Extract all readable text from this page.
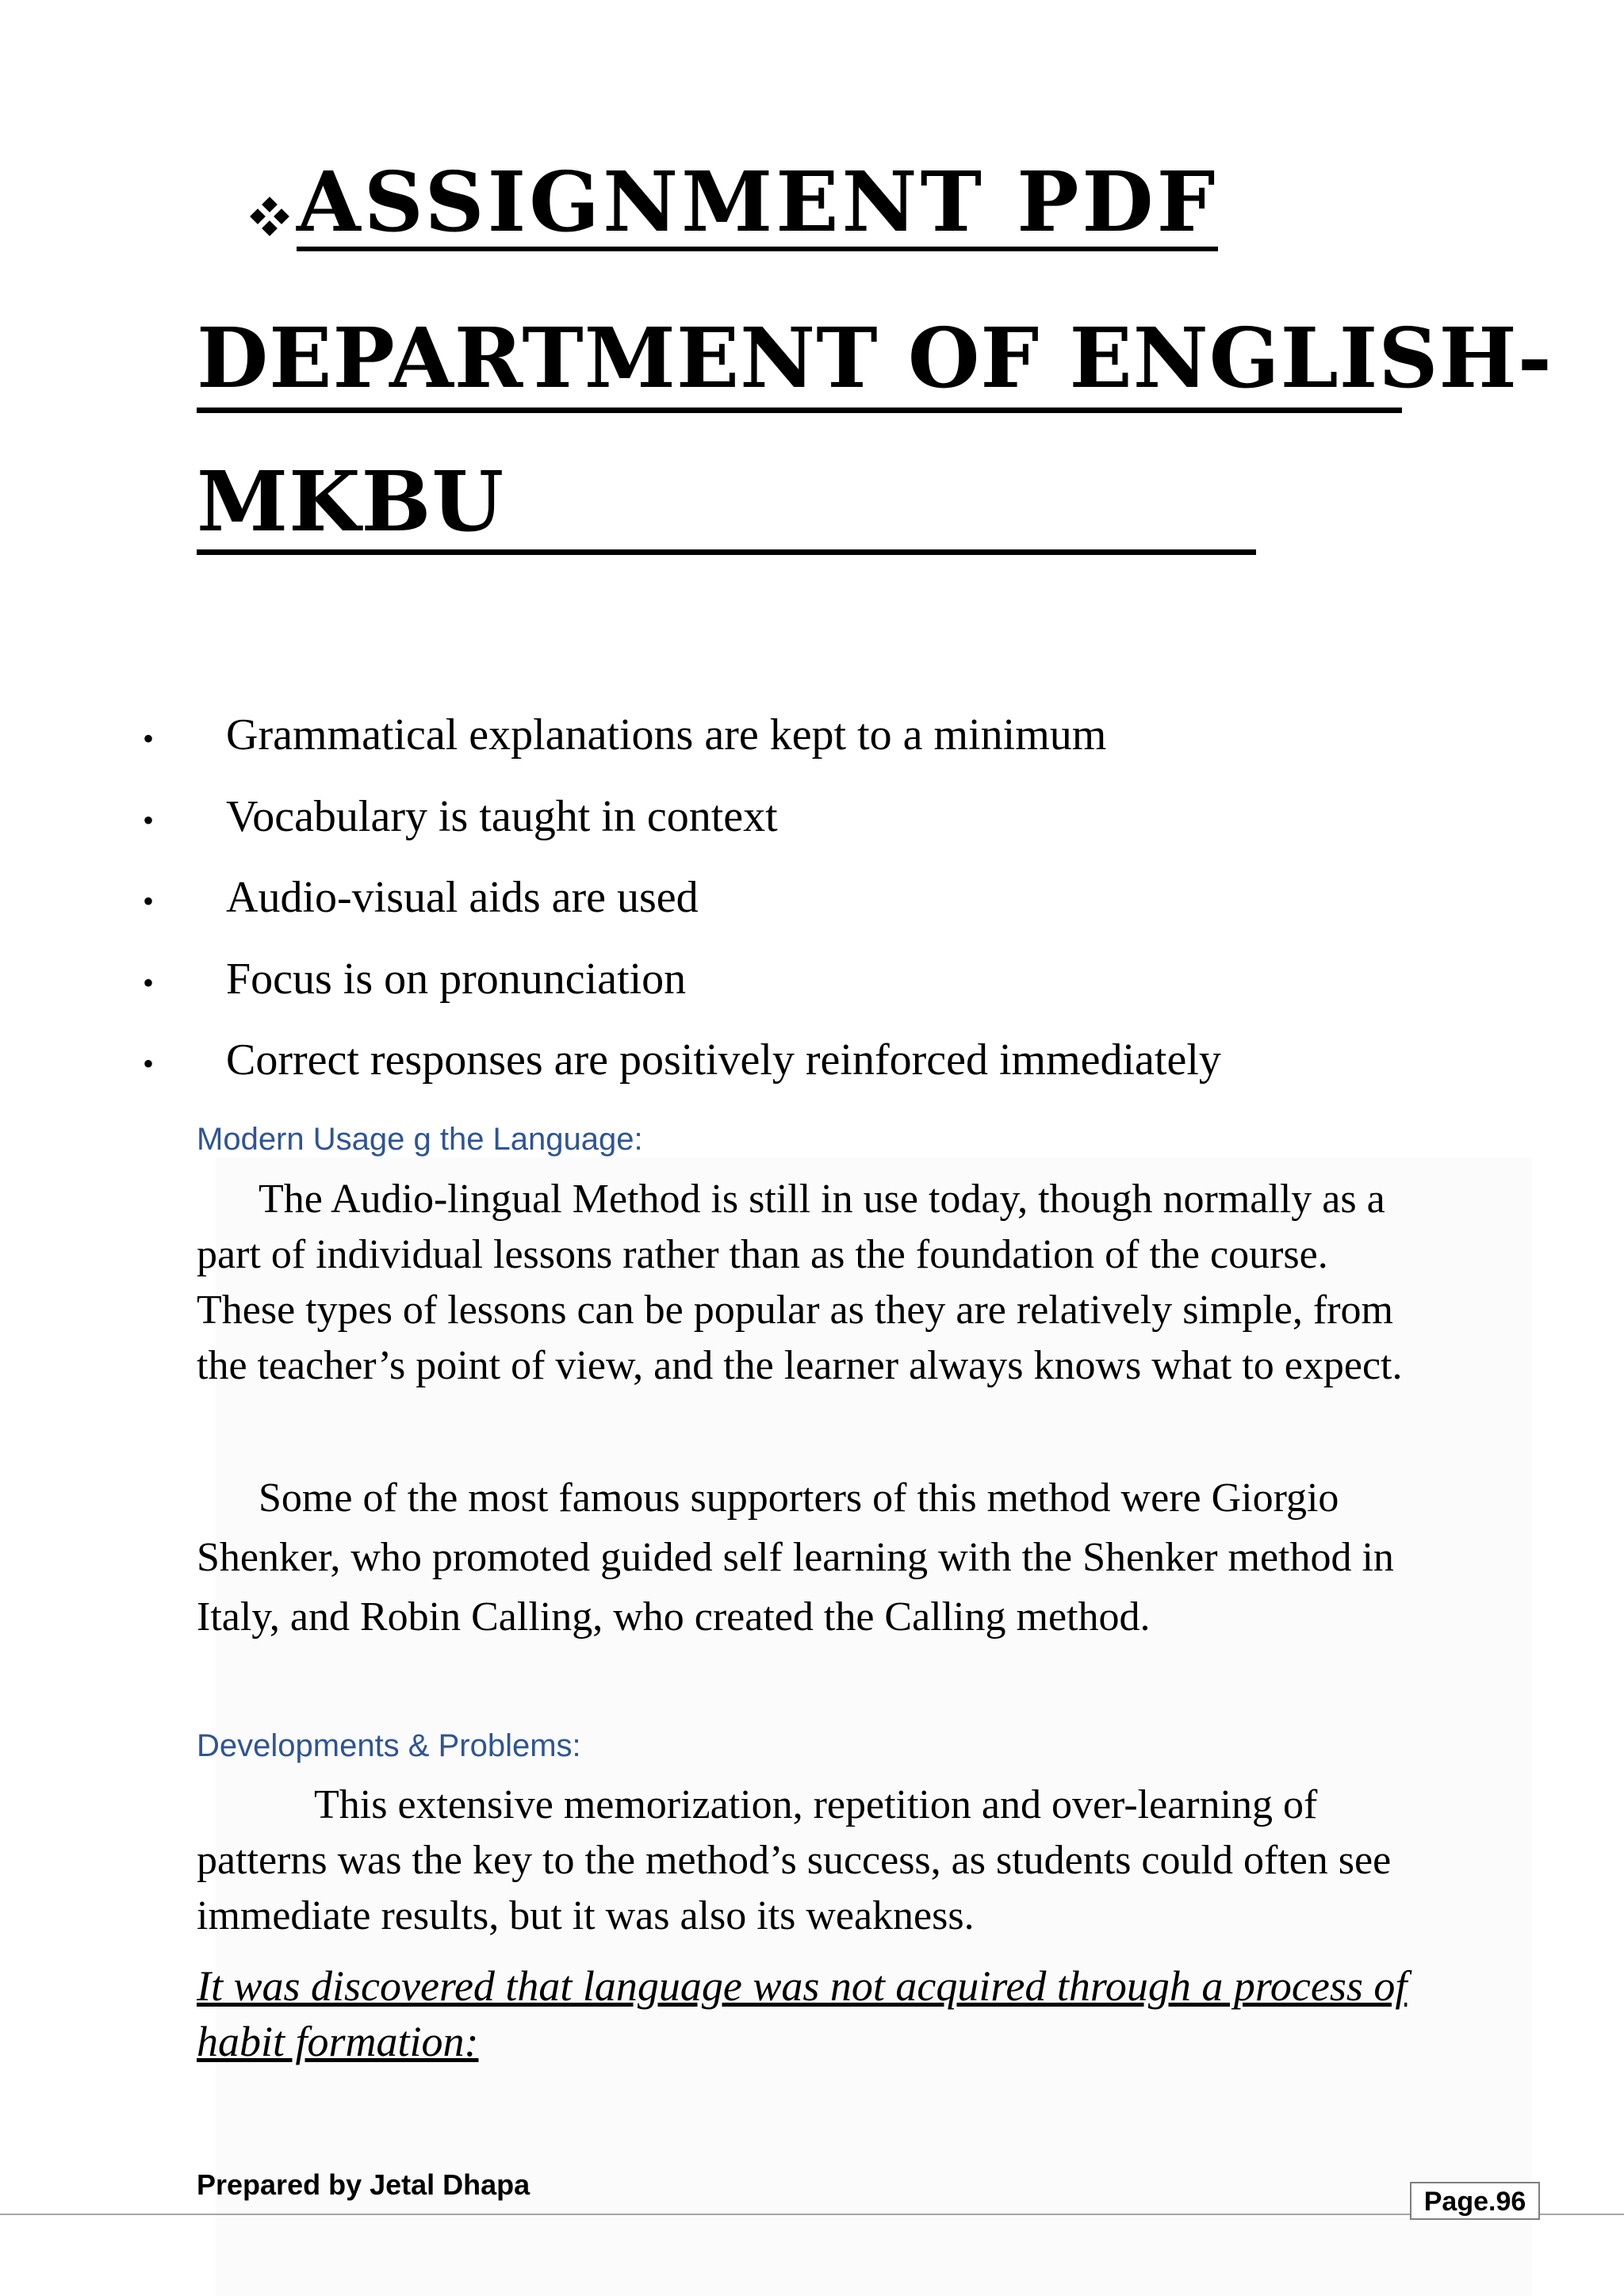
ASSIGNMENT PDF
DEPARTMENT OF ENGLISH-
MKBU
•	Grammatical explanations are kept to a minimum
•	Vocabulary is taught in context
•	Audio-visual aids are used
•	Focus is on pronunciation
•	Correct responses are positively reinforced immediately
Modern Usage g the Language:

The Audio-lingual Method is still in use today, though normally as a part of individual lessons rather than as the foundation of the course. These types of lessons can be popular as they are relatively simple, from the teacher’s point of view, and the learner always knows what to expect.

Some of the most famous supporters of this method were Giorgio Shenker, who promoted guided self learning with the Shenker method in Italy, and Robin Calling, who created the Calling method.

Developments & Problems:

This extensive memorization, repetition and over-learning of patterns was the key to the method’s success, as students could often see immediate results, but it was also its weakness.

It was discovered that language was not acquired through a process of habit formation:

Prepared by Jetal Dhapa
Page.96
